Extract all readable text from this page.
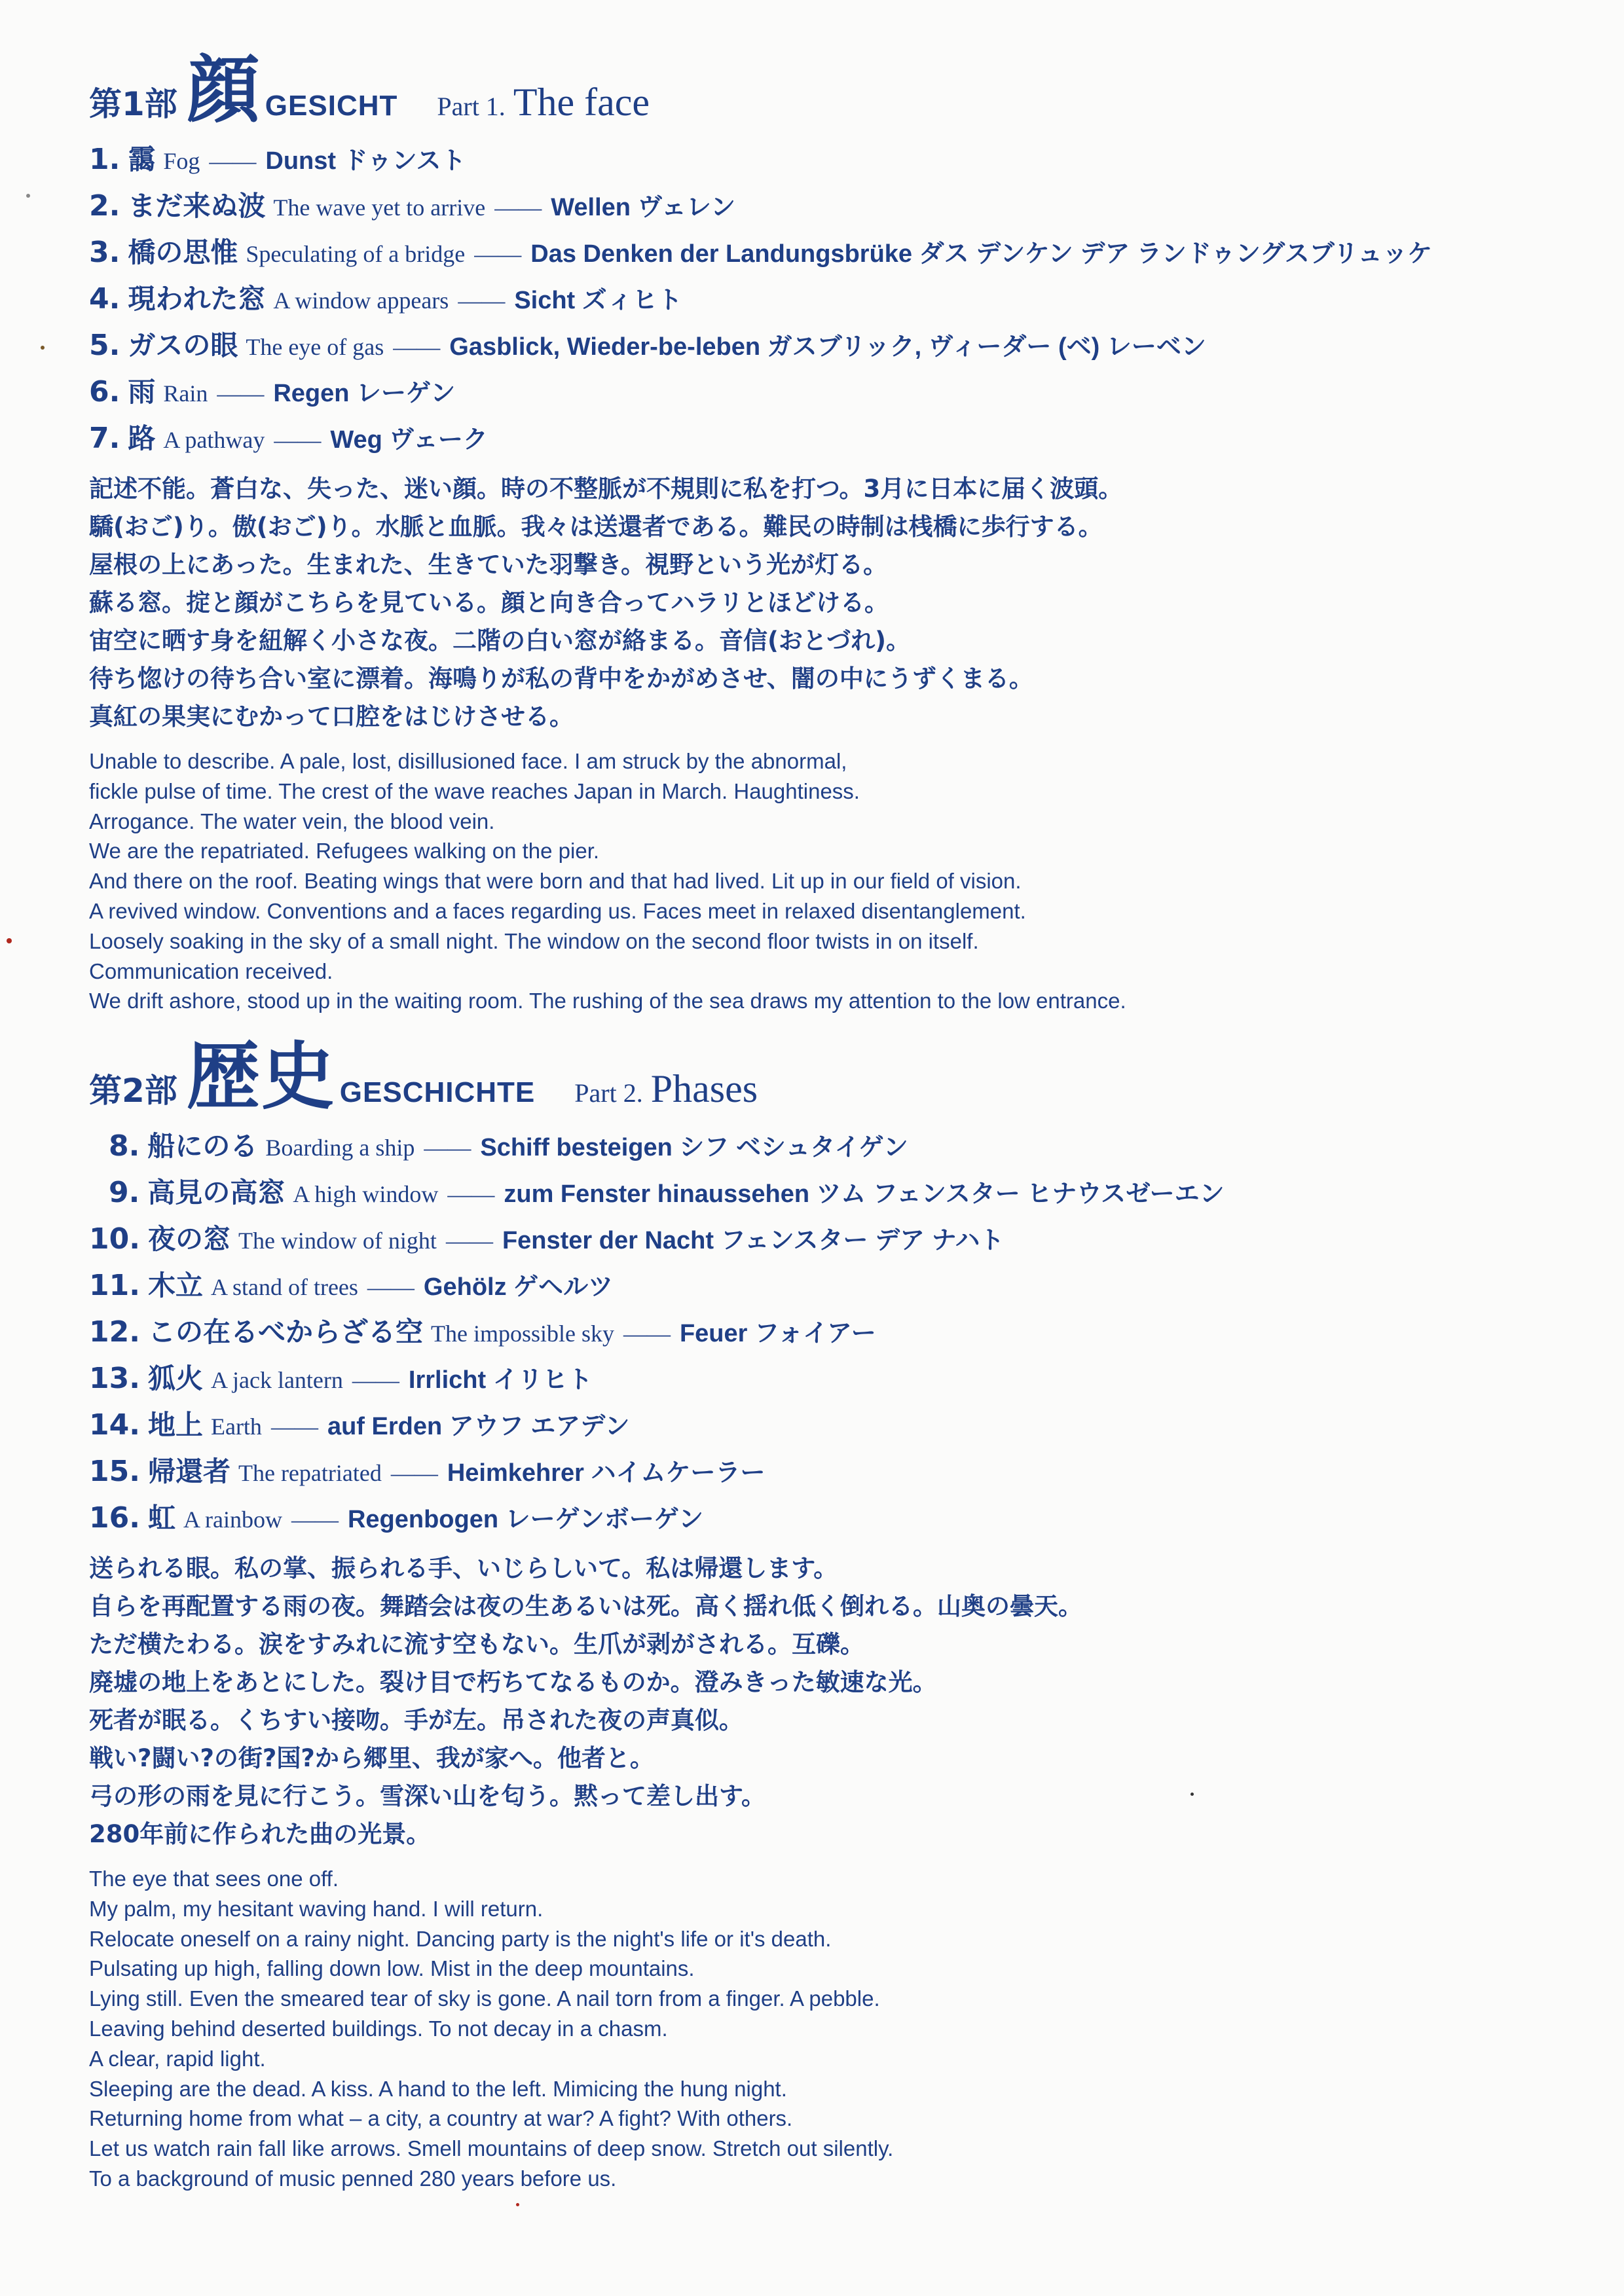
第1部 顔 GESICHT Part 1. The face
1. 靄 Fog —— Dunst ドゥンスト
2. まだ来ぬ波 The wave yet to arrive —— Wellen ヴェレン
3. 橋の思惟 Speculating of a bridge —— Das Denken der Landungsbrüke ダス デンケン デア ランドゥングスブリュッケ
4. 現われた窓 A window appears —— Sicht ズィヒト
5. ガスの眼 The eye of gas —— Gasblick, Wieder-be-leben ガスブリック, ヴィーダー (ベ) レーベン
6. 雨 Rain —— Regen レーゲン
7. 路 A pathway —— Weg ヴェーク
記述不能。蒼白な、失った、迷い顔。時の不整脈が不規則に私を打つ。3月に日本に届く波頭。
驕(おご)り。傲(おご)り。水脈と血脈。我々は送還者である。難民の時制は桟橋に歩行する。
屋根の上にあった。生まれた、生きていた羽撃き。視野という光が灯る。
蘇る窓。掟と顔がこちらを見ている。顔と向き合ってハラリとほどける。
宙空に晒す身を紐解く小さな夜。二階の白い窓が絡まる。音信(おとづれ)。
待ち惚けの待ち合い室に漂着。海鳴りが私の背中をかがめさせ、闇の中にうずくまる。
真紅の果実にむかって口腔をはじけさせる。
Unable to describe. A pale, lost, disillusioned face. I am struck by the abnormal,
fickle pulse of time. The crest of the wave reaches Japan in March. Haughtiness.
Arrogance. The water vein, the blood vein.
We are the repatriated. Refugees walking on the pier.
And there on the roof. Beating wings that were born and that had lived. Lit up in our field of vision.
A revived window. Conventions and a faces regarding us. Faces meet in relaxed disentanglement.
Loosely soaking in the sky of a small night. The window on the second floor twists in on itself.
Communication received.
We drift ashore, stood up in the waiting room. The rushing of the sea draws my attention to the low entrance.
第2部 歴史 GESCHICHTE Part 2. Phases
8. 船にのる Boarding a ship —— Schiff besteigen シフ ベシュタイゲン
9. 高見の高窓 A high window —— zum Fenster hinaussehen ツム フェンスター ヒナウスゼーエン
10. 夜の窓 The window of night —— Fenster der Nacht フェンスター デア ナハト
11. 木立 A stand of trees —— Gehölz ゲヘルツ
12. この在るべからざる空 The impossible sky —— Feuer フォイアー
13. 狐火 A jack lantern —— Irrlicht イリヒト
14. 地上 Earth —— auf Erden アウフ エアデン
15. 帰還者 The repatriated —— Heimkehrer ハイムケーラー
16. 虹 A rainbow —— Regenbogen レーゲンボーゲン
送られる眼。私の掌、振られる手、いじらしいて。私は帰還します。
自らを再配置する雨の夜。舞踏会は夜の生あるいは死。高く揺れ低く倒れる。山奥の曇天。
ただ横たわる。涙をすみれに流す空もない。生爪が剥がされる。互礫。
廃墟の地上をあとにした。裂け目で朽ちてなるものか。澄みきった敏速な光。
死者が眠る。くちすい接吻。手が左。吊された夜の声真似。
戦い?闘い?の街?国?から郷里、我が家へ。他者と。
弓の形の雨を見に行こう。雪深い山を匂う。黙って差し出す。
280年前に作られた曲の光景。
The eye that sees one off.
My palm, my hesitant waving hand. I will return.
Relocate oneself on a rainy night. Dancing party is the night's life or it's death.
Pulsating up high, falling down low. Mist in the deep mountains.
Lying still. Even the smeared tear of sky is gone. A nail torn from a finger. A pebble.
Leaving behind deserted buildings. To not decay in a chasm.
A clear, rapid light.
Sleeping are the dead. A kiss. A hand to the left. Mimicing the hung night.
Returning home from what – a city, a country at war? A fight? With others.
Let us watch rain fall like arrows. Smell mountains of deep snow. Stretch out silently.
To a background of music penned 280 years before us.
